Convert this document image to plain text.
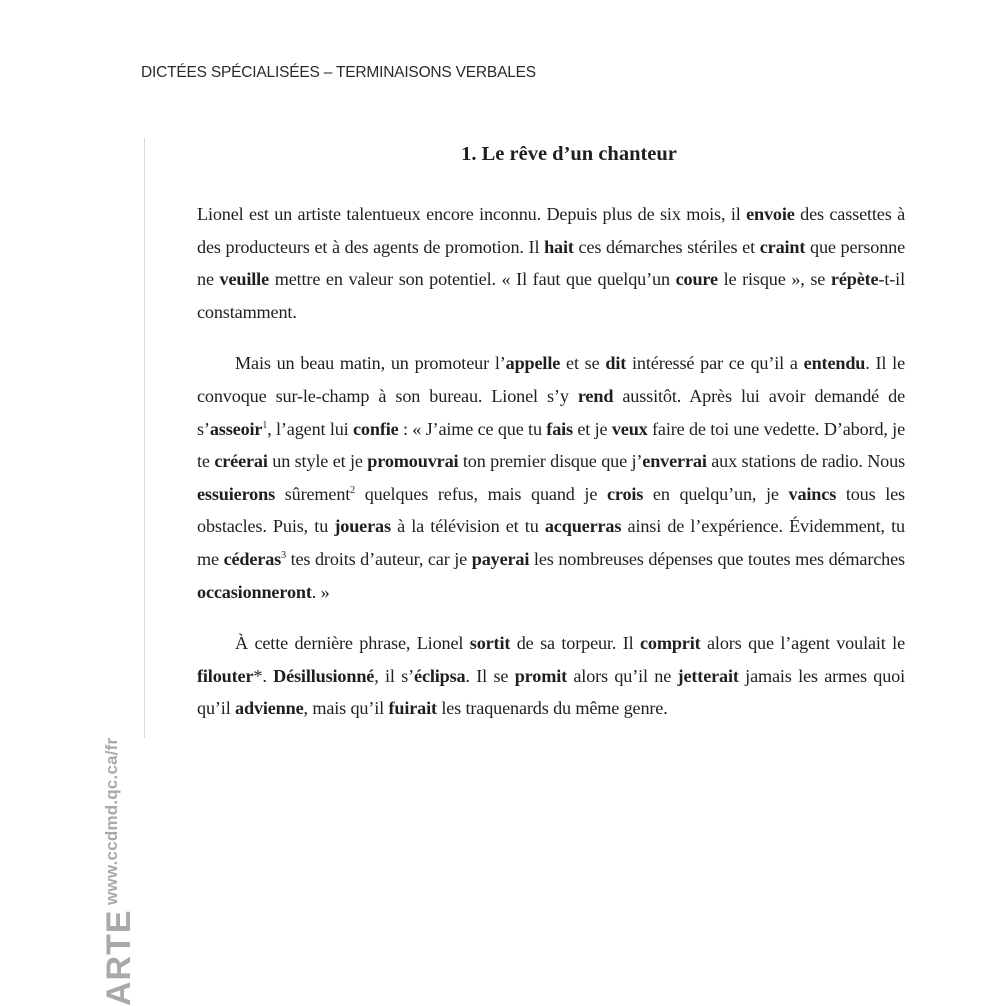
DICTÉES SPÉCIALISÉES – TERMINAISONS VERBALES
www.ccdmd.qc.ca/fr
ARTE
1. Le rêve d’un chanteur

Lionel est un artiste talentueux encore inconnu. Depuis plus de six mois, il envoie des cassettes à des producteurs et à des agents de promotion. Il hait ces démarches stériles et craint que personne ne veuille mettre en valeur son potentiel. « Il faut que quelqu’un coure le risque », se répète-t-il constamment.

Mais un beau matin, un promoteur l’appelle et se dit intéressé par ce qu’il a entendu. Il le convoque sur-le-champ à son bureau. Lionel s’y rend aussitôt. Après lui avoir demandé de s’asseoir$^1$, l’agent lui confie : « J’aime ce que tu fais et je veux faire de toi une vedette. D’abord, je te créerai un style et je promouvrai ton premier disque que j’enverrai aux stations de radio. Nous essuierons sûrement$^2$ quelques refus, mais quand je crois en quelqu’un, je vaincs tous les obstacles. Puis, tu joueras à la télévision et tu acquerras ainsi de l’expérience. Évidemment, tu me céderas$^3$ tes droits d’auteur, car je payerai les nombreuses dépenses que toutes mes démarches occasionneront. »

À cette dernière phrase, Lionel sortit de sa torpeur. Il comprit alors que l’agent voulait le filouter*. Désillusionné, il s’éclipsa. Il se promit alors qu’il ne jetterait jamais les armes quoi qu’il advienne, mais qu’il fuirait les traquenards du même genre.
